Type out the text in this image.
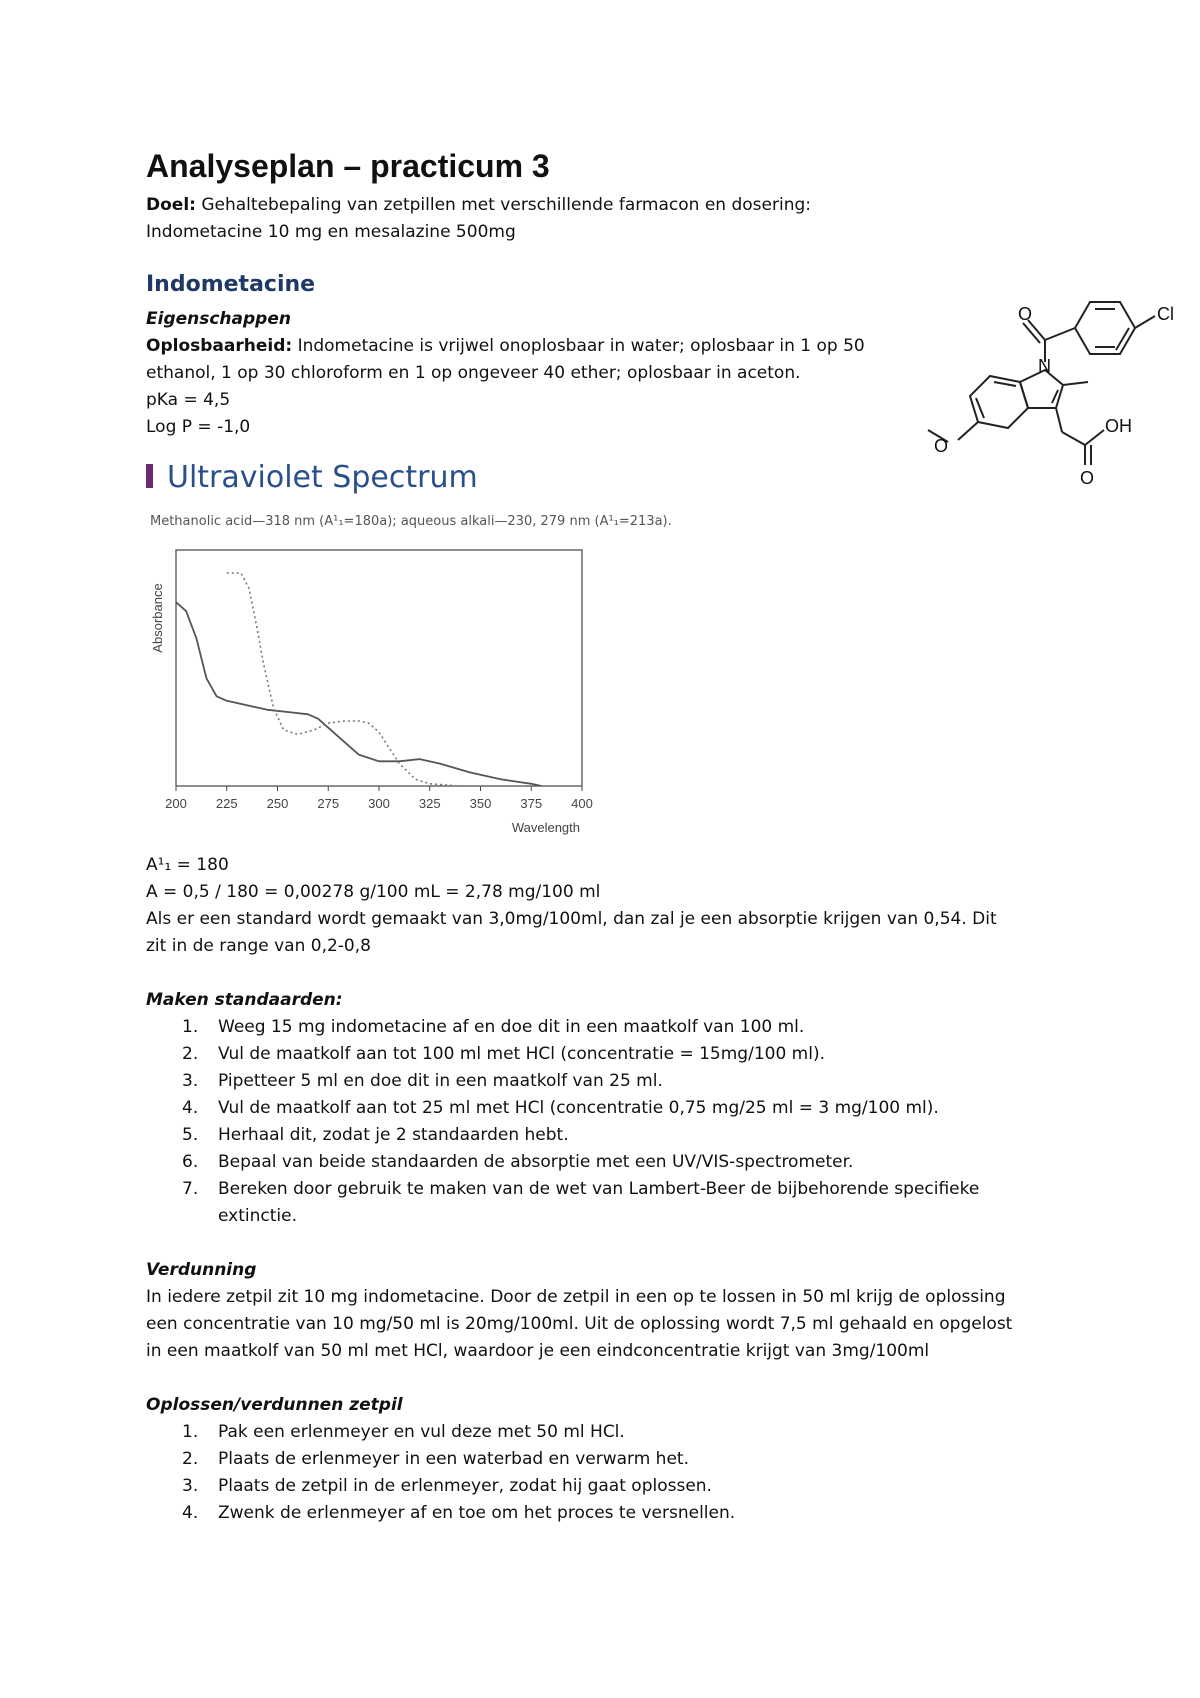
Analyseplan – practicum 3
Doel: Gehaltebepaling van zetpillen met verschillende farmacon en dosering:
Indometacine 10 mg en mesalazine 500mg
Indometacine
Eigenschappen
Oplosbaarheid: Indometacine is vrijwel onoplosbaar in water; oplosbaar in 1 op 50
ethanol, 1 op 30 chloroform en 1 op ongeveer 40 ether; oplosbaar in aceton.
pKa = 4,5
Log P = -1,0
O	Cl
N
O
OH
O
Ultraviolet Spectrum
Methanolic acid—318 nm (A¹₁=180a); aqueous alkali—230, 279 nm (A¹₁=213a).
200 225 250 275 300 325 350 375 400
Absorbance
Wavelength
A¹₁ = 180
A = 0,5 / 180 = 0,00278 g/100 mL = 2,78 mg/100 ml
Als er een standard wordt gemaakt van 3,0mg/100ml, dan zal je een absorptie krijgen van 0,54. Dit
zit in de range van 0,2-0,8
Maken standaarden:
1. Weeg 15 mg indometacine af en doe dit in een maatkolf van 100 ml.
2. Vul de maatkolf aan tot 100 ml met HCl (concentratie = 15mg/100 ml).
3. Pipetteer 5 ml en doe dit in een maatkolf van 25 ml.
4. Vul de maatkolf aan tot 25 ml met HCl (concentratie 0,75 mg/25 ml = 3 mg/100 ml).
5. Herhaal dit, zodat je 2 standaarden hebt.
6. Bepaal van beide standaarden de absorptie met een UV/VIS-spectrometer.
7. Bereken door gebruik te maken van de wet van Lambert-Beer de bijbehorende specifieke
extinctie.
Verdunning
In iedere zetpil zit 10 mg indometacine. Door de zetpil in een op te lossen in 50 ml krijg de oplossing
een concentratie van 10 mg/50 ml is 20mg/100ml. Uit de oplossing wordt 7,5 ml gehaald en opgelost
in een maatkolf van 50 ml met HCl, waardoor je een eindconcentratie krijgt van 3mg/100ml
Oplossen/verdunnen zetpil
1. Pak een erlenmeyer en vul deze met 50 ml HCl.
2. Plaats de erlenmeyer in een waterbad en verwarm het.
3. Plaats de zetpil in de erlenmeyer, zodat hij gaat oplossen.
4. Zwenk de erlenmeyer af en toe om het proces te versnellen.
